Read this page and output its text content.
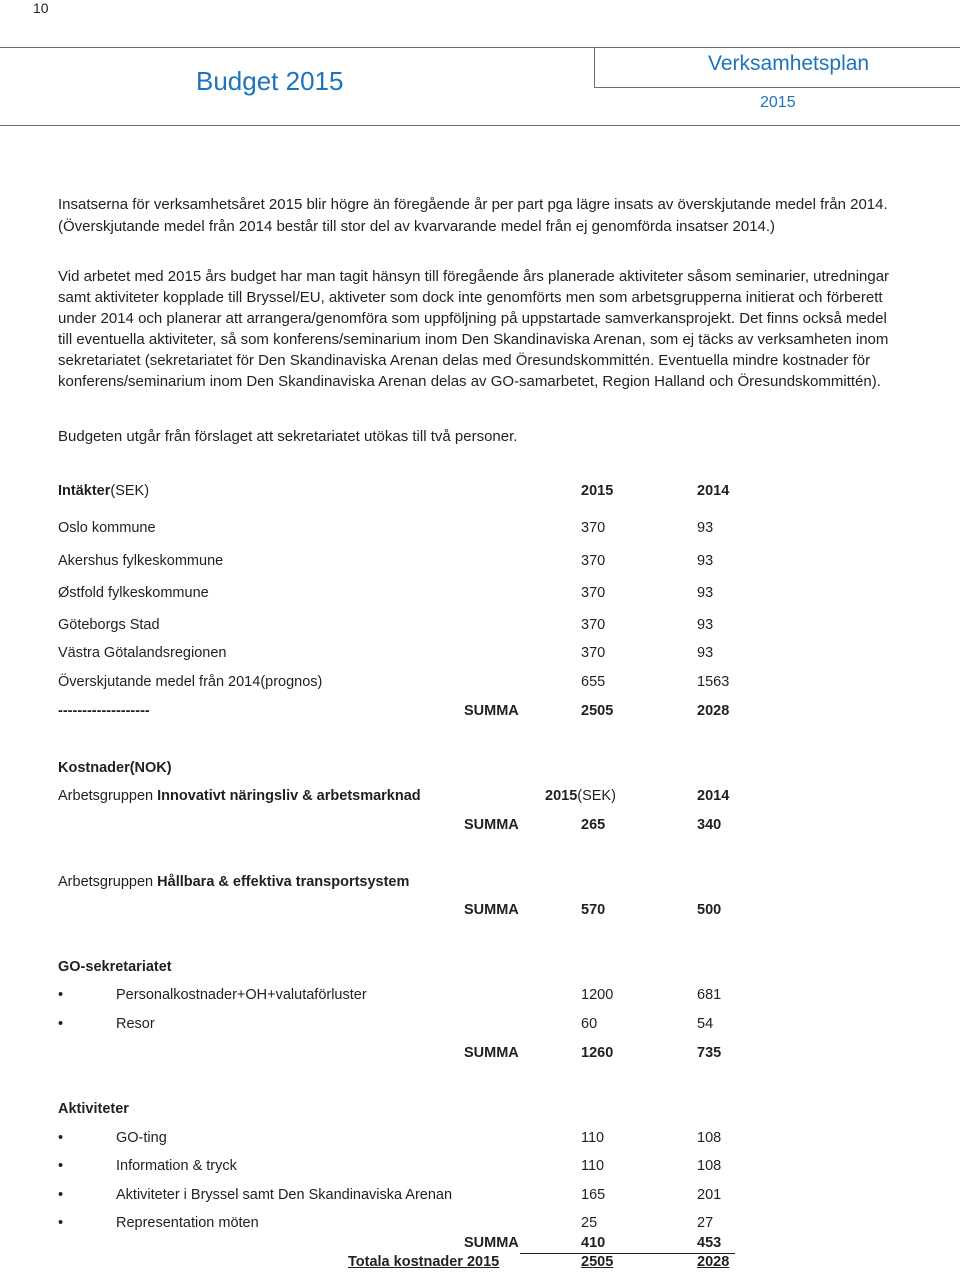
10
Budget 2015
Verksamhetsplan
2015
Insatserna för verksamhetsåret 2015 blir högre än föregående år per part pga lägre insats av överskjutande medel från 2014. (Överskjutande medel från 2014 består till stor del av kvarvarande medel från ej genomförda insatser 2014.)

Vid arbetet med 2015 års budget har man tagit hänsyn till föregående års planerade aktiviteter såsom seminarier, utredningar samt aktiviteter kopplade till Bryssel/EU, aktiveter som dock inte genomförts men som arbetsgrupperna initierat och förberett under 2014 och planerar att arrangera/genomföra som uppföljning på uppstartade samverkansprojekt. Det finns också medel till eventuella aktiviteter, så som konferens/seminarium inom Den Skandinaviska Arenan, som ej täcks av verksamheten inom sekretariatet (sekretariatet för Den Skandinaviska Arenan delas med Öresundskommittén. Eventuella mindre kostnader för konferens/seminarium inom Den Skandinaviska Arenan delas av GO-samarbetet, Region Halland och Öresundskommittén).

Budgeten utgår från förslaget att sekretariatet utökas till två personer.

Intäkter(SEK)	2015	2014
Oslo kommune	370	93
Akershus fylkeskommune	370	93
Østfold fylkeskommune	370	93
Göteborgs Stad	370	93
Västra Götalandsregionen	370	93
Överskjutande medel från 2014(prognos)	655	1563
-------------------	SUMMA	2505	2028
Kostnader(NOK)
Arbetsgruppen Innovativt näringsliv & arbetsmarknad	2015(SEK)	2014
SUMMA	265	340
Arbetsgruppen Hållbara & effektiva transportsystem
SUMMA	570	500
GO-sekretariatet
•	Personalkostnader+OH+valutaförluster	1200	681
•	Resor	60	54
SUMMA	1260	735
Aktiviteter
•	GO-ting	110	108
•	Information & tryck	110	108
•	Aktiviteter i Bryssel samt Den Skandinaviska Arenan	165	201
•	Representation möten	25	27
SUMMA	410	453
Totala kostnader 2015	2505	2028
